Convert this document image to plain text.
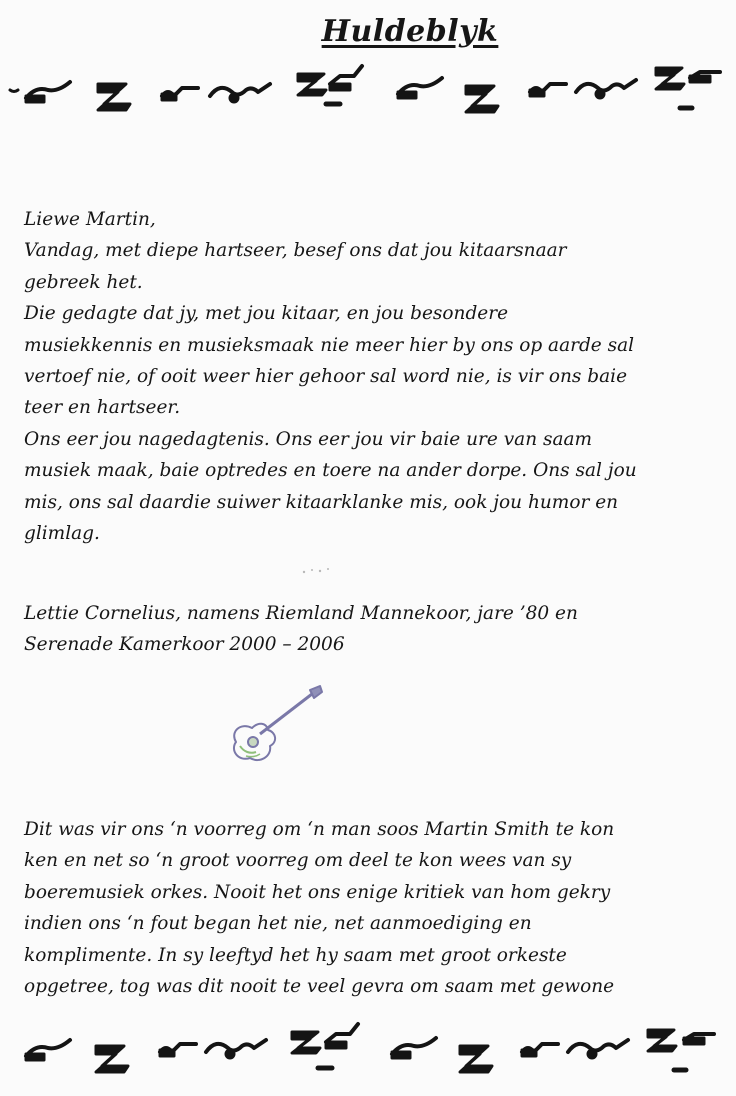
Huldeblyk
Liewe Martin,
Vandag, met diepe hartseer, besef ons dat jou kitaarsnaar
gebreek het.
Die gedagte dat jy, met jou kitaar, en jou besondere
musiekkennis en musieksmaak nie meer hier by ons op aarde sal
vertoef nie, of ooit weer hier gehoor sal word nie, is vir ons baie
teer en hartseer.
Ons eer jou nagedagtenis. Ons eer jou vir baie ure van saam
musiek maak, baie optredes en toere na ander dorpe. Ons sal jou
mis, ons sal daardie suiwer kitaarklanke mis, ook jou humor en
glimlag.
Lettie Cornelius, namens Riemland Mannekoor, jare ’80 en
Serenade Kamerkoor 2000 – 2006
Dit was vir ons ‘n voorreg om ‘n man soos Martin Smith te kon
ken en net so ‘n groot voorreg om deel te kon wees van sy
boeremusiek orkes. Nooit het ons enige kritiek van hom gekry
indien ons ‘n fout began het nie, net aanmoediging en
komplimente. In sy leeftyd het hy saam met groot orkeste
opgetree, tog was dit nooit te veel gevra om saam met gewone
